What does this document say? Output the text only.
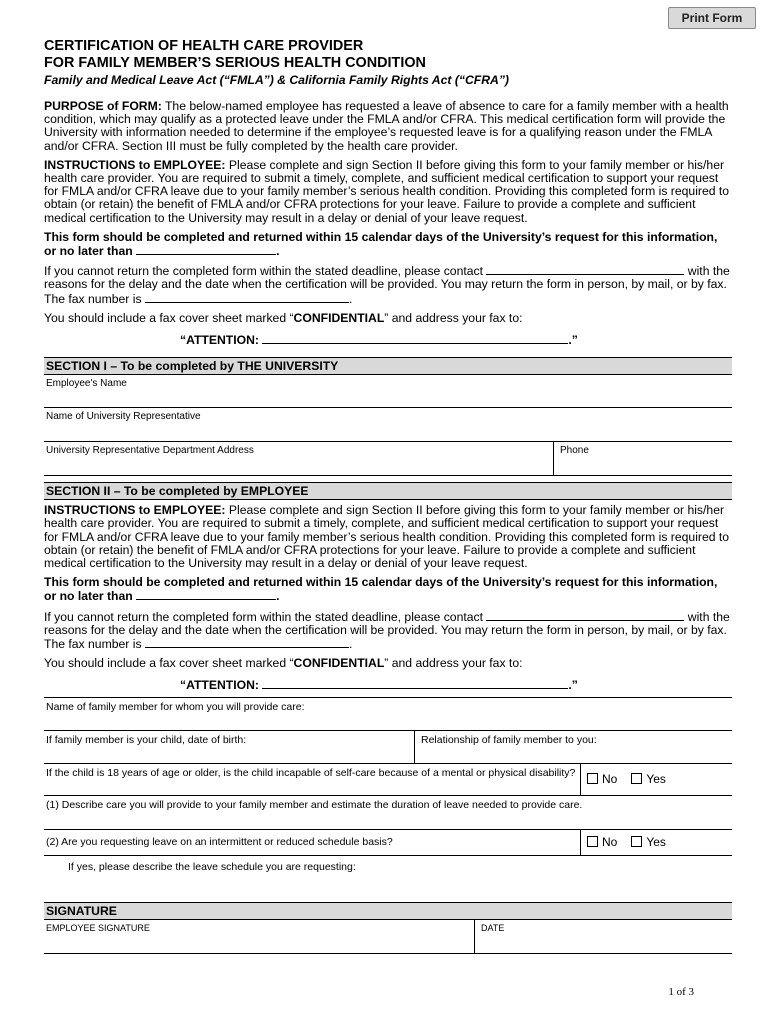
Print Form
CERTIFICATION OF HEALTH CARE PROVIDER
FOR FAMILY MEMBER’S SERIOUS HEALTH CONDITION
Family and Medical Leave Act (“FMLA”) & California Family Rights Act (“CFRA”)

PURPOSE of FORM: The below-named employee has requested a leave of absence to care for a family member with a health condition, which may qualify as a protected leave under the FMLA and/or CFRA. This medical certification form will provide the University with information needed to determine if the employee’s requested leave is for a qualifying reason under the FMLA and/or CFRA. Section III must be fully completed by the health care provider.

INSTRUCTIONS to EMPLOYEE: Please complete and sign Section II before giving this form to your family member or his/her health care provider. You are required to submit a timely, complete, and sufficient medical certification to support your request for FMLA and/or CFRA leave due to your family member’s serious health condition. Providing this completed form is required to obtain (or retain) the benefit of FMLA and/or CFRA protections for your leave. Failure to provide a complete and sufficient medical certification to the University may result in a delay or denial of your leave request.

This form should be completed and returned within 15 calendar days of the University’s request for this information, or no later than	.

If you cannot return the completed form within the stated deadline, please contact	with the reasons for the delay and the date when the certification will be provided. You may return the form in person, by mail, or by fax. The fax number is	.

You should include a fax cover sheet marked “CONFIDENTIAL” and address your fax to:

“ATTENTION:	.”

SECTION I – To be completed by THE UNIVERSITY
Employee's Name
Name of University Representative
University Representative Department Address	Phone
SECTION II – To be completed by EMPLOYEE

INSTRUCTIONS to EMPLOYEE: Please complete and sign Section II before giving this form to your family member or his/her health care provider. You are required to submit a timely, complete, and sufficient medical certification to support your request for FMLA and/or CFRA leave due to your family member’s serious health condition. Providing this completed form is required to obtain (or retain) the benefit of FMLA and/or CFRA protections for your leave. Failure to provide a complete and sufficient medical certification to the University may result in a delay or denial of your leave request.

This form should be completed and returned within 15 calendar days of the University’s request for this information, or no later than	.

If you cannot return the completed form within the stated deadline, please contact	with the reasons for the delay and the date when the certification will be provided. You may return the form in person, by mail, or by fax. The fax number is	.

You should include a fax cover sheet marked “CONFIDENTIAL” and address your fax to:

“ATTENTION:	.”

Name of family member for whom you will provide care:
If family member is your child, date of birth:	Relationship of family member to you:
If the child is 18 years of age or older, is the child incapable of self-care because of a mental or physical disability?	No	Yes
(1) Describe care you will provide to your family member and estimate the duration of leave needed to provide care.
(2) Are you requesting leave on an intermittent or reduced schedule basis?	No	Yes
If yes, please describe the leave schedule you are requesting:
SIGNATURE
EMPLOYEE SIGNATURE	DATE
1 of 3
